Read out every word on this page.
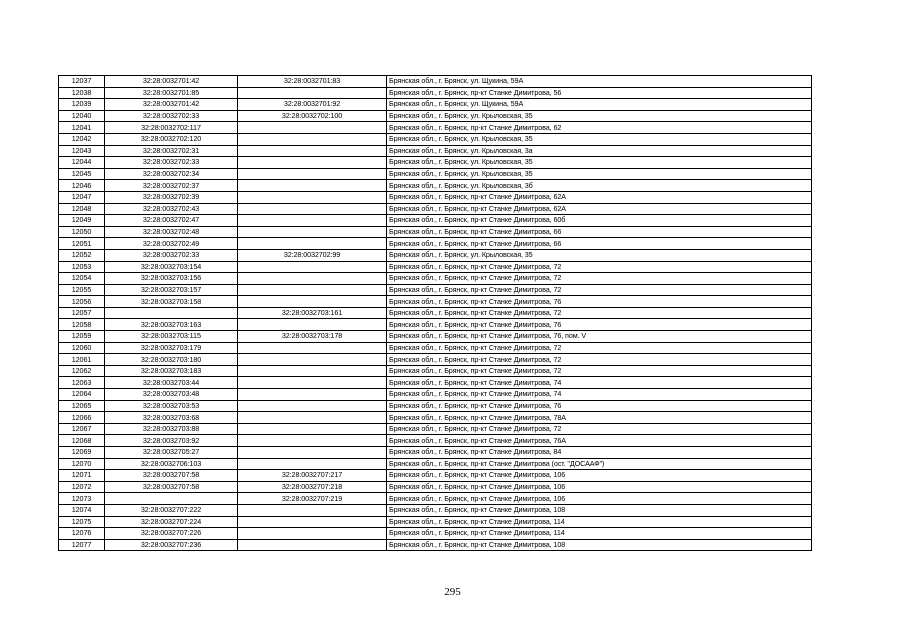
12037	32:28:0032701:42	32:28:0032701:83	Брянская обл., г. Брянск, ул. Щукина, 59А
12038	32:28:0032701:85		Брянская обл., г. Брянск, пр-кт Станке Димитрова, 56
12039	32:28:0032701:42	32:28:0032701:92	Брянская обл., г. Брянск, ул. Щукина, 59А
12040	32:28:0032702:33	32:28:0032702:100	Брянская обл., г. Брянск, ул. Крыловская, 35
12041	32:28:0032702:117		Брянская обл., г. Брянск, пр-кт Станке Димитрова, 62
12042	32:28:0032702:120		Брянская обл., г. Брянск, ул. Крыловская, 35
12043	32:28:0032702:31		Брянская обл., г. Брянск, ул. Крыловская, 3а
12044	32:28:0032702:33		Брянская обл., г. Брянск, ул. Крыловская, 35
12045	32:28:0032702:34		Брянская обл., г. Брянск, ул. Крыловская, 35
12046	32:28:0032702:37		Брянская обл., г. Брянск, ул. Крыловская, 3б
12047	32:28:0032702:39		Брянская обл., г. Брянск, пр-кт Станке Димитрова, 62А
12048	32:28:0032702:43		Брянская обл., г. Брянск, пр-кт Станке Димитрова, 62А
12049	32:28:0032702:47		Брянская обл., г. Брянск, пр-кт Станке Димитрова, 60б
12050	32:28:0032702:48		Брянская обл., г. Брянск, пр-кт Станке Димитрова, 66
12051	32:28:0032702:49		Брянская обл., г. Брянск, пр-кт Станке Димитрова, 66
12052	32:28:0032702:33	32:28:0032702:99	Брянская обл., г. Брянск, ул. Крыловская, 35
12053	32:28:0032703:154		Брянская обл., г. Брянск, пр-кт Станке Димитрова, 72
12054	32:28:0032703:156		Брянская обл., г. Брянск, пр-кт Станке Димитрова, 72
12055	32:28:0032703:157		Брянская обл., г. Брянск, пр-кт Станке Димитрова, 72
12056	32:28:0032703:158		Брянская обл., г. Брянск, пр-кт Станке Димитрова, 76
12057		32:28:0032703:161	Брянская обл., г. Брянск, пр-кт Станке Димитрова, 72
12058	32:28:0032703:163		Брянская обл., г. Брянск, пр-кт Станке Димитрова, 76
12059	32:28:0032703:115	32:28:0032703:178	Брянская обл., г. Брянск, пр-кт Станке Димитрова, 76, пом. V
12060	32:28:0032703:179		Брянская обл., г. Брянск, пр-кт Станке Димитрова, 72
12061	32:28:0032703:180		Брянская обл., г. Брянск, пр-кт Станке Димитрова, 72
12062	32:28:0032703:183		Брянская обл., г. Брянск, пр-кт Станке Димитрова, 72
12063	32:28:0032703:44		Брянская обл., г. Брянск, пр-кт Станке Димитрова, 74
12064	32:28:0032703:48		Брянская обл., г. Брянск, пр-кт Станке Димитрова, 74
12065	32:28:0032703:53		Брянская обл., г. Брянск, пр-кт Станке Димитрова, 76
12066	32:28:0032703:68		Брянская обл., г. Брянск, пр-кт Станке Димитрова, 78А
12067	32:28:0032703:88		Брянская обл., г. Брянск, пр-кт Станке Димитрова, 72
12068	32:28:0032703:92		Брянская обл., г. Брянск, пр-кт Станке Димитрова, 76А
12069	32:28:0032705:27		Брянская обл., г. Брянск, пр-кт Станке Димитрова, 84
12070	32:28:0032706:103		Брянская обл., г. Брянск, пр-кт Станке Димитрова (ост. "ДОСААФ")
12071	32:28:0032707:58	32:28:0032707:217	Брянская обл., г. Брянск, пр-кт Станке Димитрова, 106
12072	32:28:0032707:58	32:28:0032707:218	Брянская обл., г. Брянск, пр-кт Станке Димитрова, 106
12073		32:28:0032707:219	Брянская обл., г. Брянск, пр-кт Станке Димитрова, 106
12074	32:28:0032707:222		Брянская обл., г. Брянск, пр-кт Станке Димитрова, 108
12075	32:28:0032707:224		Брянская обл., г. Брянск, пр-кт Станке Димитрова, 114
12076	32:28:0032707:226		Брянская обл., г. Брянск, пр-кт Станке Димитрова, 114
12077	32:28:0032707:236		Брянская обл., г. Брянск, пр-кт Станке Димитрова, 108
295
